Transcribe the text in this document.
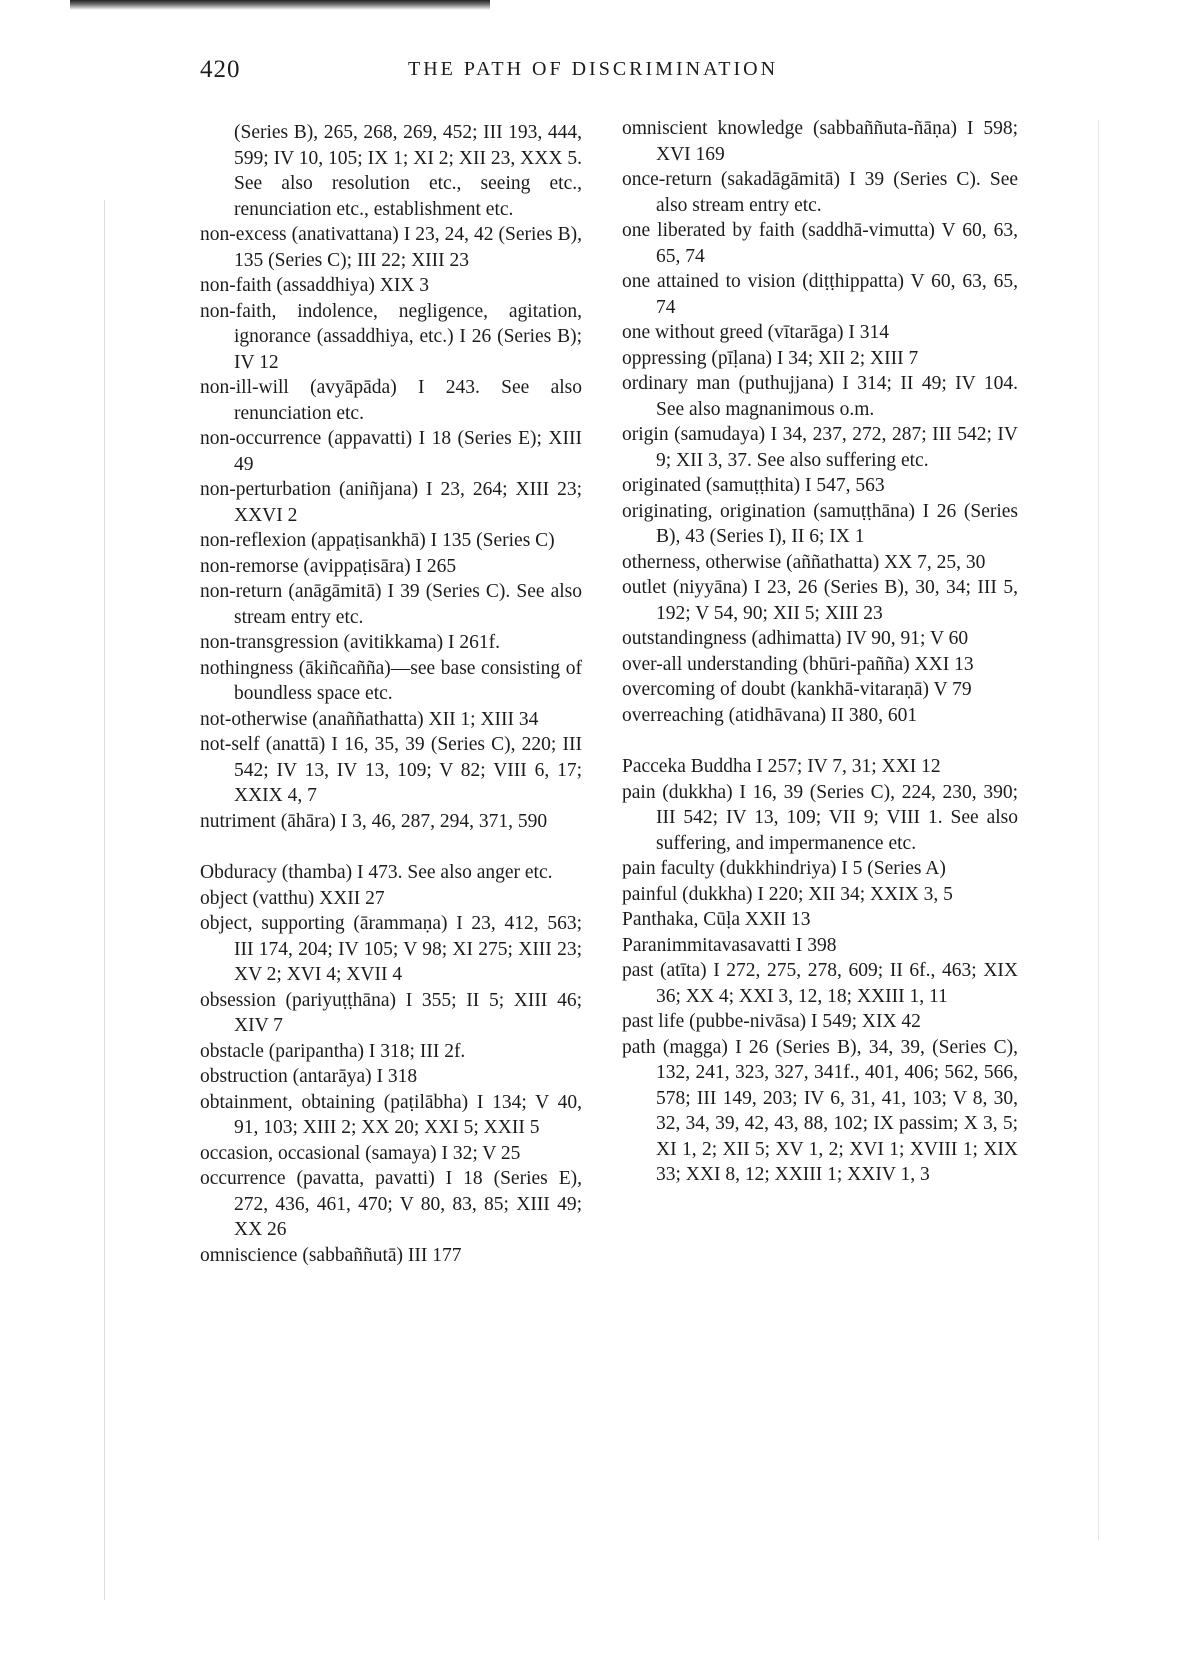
420	THE PATH OF DISCRIMINATION
(Series B), 265, 268, 269, 452; III 193, 444, 599; IV 10, 105; IX 1; XI 2; XII 23, XXX 5. See also resolution etc., seeing etc., renunciation etc., establishment etc.
non-excess (anativattana) I 23, 24, 42 (Series B), 135 (Series C); III 22; XIII 23
non-faith (assaddhiya) XIX 3
non-faith, indolence, negligence, agitation, ignorance (assaddhiya, etc.) I 26 (Series B); IV 12
non-ill-will (avyāpāda) I 243. See also renunciation etc.
non-occurrence (appavatti) I 18 (Series E); XIII 49
non-perturbation (aniñjana) I 23, 264; XIII 23; XXVI 2
non-reflexion (appaṭisankhā) I 135 (Series C)
non-remorse (avippaṭisāra) I 265
non-return (anāgāmitā) I 39 (Series C). See also stream entry etc.
non-transgression (avitikkama) I 261f.
nothingness (ākiñcañña)—see base consisting of boundless space etc.
not-otherwise (anaññathatta) XII 1; XIII 34
not-self (anattā) I 16, 35, 39 (Series C), 220; III 542; IV 13, IV 13, 109; V 82; VIII 6, 17; XXIX 4, 7
nutriment (āhāra) I 3, 46, 287, 294, 371, 590
Obduracy (thamba) I 473. See also anger etc.
object (vatthu) XXII 27
object, supporting (ārammaṇa) I 23, 412, 563; III 174, 204; IV 105; V 98; XI 275; XIII 23; XV 2; XVI 4; XVII 4
obsession (pariyuṭṭhāna) I 355; II 5; XIII 46; XIV 7
obstacle (paripantha) I 318; III 2f.
obstruction (antarāya) I 318
obtainment, obtaining (paṭilābha) I 134; V 40, 91, 103; XIII 2; XX 20; XXI 5; XXII 5
occasion, occasional (samaya) I 32; V 25
occurrence (pavatta, pavatti) I 18 (Series E), 272, 436, 461, 470; V 80, 83, 85; XIII 49; XX 26
omniscience (sabbaññutā) III 177
omniscient knowledge (sabbaññuta-ñāṇa) I 598; XVI 169
once-return (sakadāgāmitā) I 39 (Series C). See also stream entry etc.
one liberated by faith (saddhā-vimutta) V 60, 63, 65, 74
one attained to vision (diṭṭhippatta) V 60, 63, 65, 74
one without greed (vītarāga) I 314
oppressing (pīḷana) I 34; XII 2; XIII 7
ordinary man (puthujjana) I 314; II 49; IV 104. See also magnanimous o.m.
origin (samudaya) I 34, 237, 272, 287; III 542; IV 9; XII 3, 37. See also suffering etc.
originated (samuṭṭhita) I 547, 563
originating, origination (samuṭṭhāna) I 26 (Series B), 43 (Series I), II 6; IX 1
otherness, otherwise (aññathatta) XX 7, 25, 30
outlet (niyyāna) I 23, 26 (Series B), 30, 34; III 5, 192; V 54, 90; XII 5; XIII 23
outstandingness (adhimatta) IV 90, 91; V 60
over-all understanding (bhūri-pañña) XXI 13
overcoming of doubt (kankhā-vitaraṇā) V 79
overreaching (atidhāvana) II 380, 601
Pacceka Buddha I 257; IV 7, 31; XXI 12
pain (dukkha) I 16, 39 (Series C), 224, 230, 390; III 542; IV 13, 109; VII 9; VIII 1. See also suffering, and impermanence etc.
pain faculty (dukkhindriya) I 5 (Series A)
painful (dukkha) I 220; XII 34; XXIX 3, 5
Panthaka, Cūḷa XXII 13
Paranimmitavasavatti I 398
past (atīta) I 272, 275, 278, 609; II 6f., 463; XIX 36; XX 4; XXI 3, 12, 18; XXIII 1, 11
past life (pubbe-nivāsa) I 549; XIX 42
path (magga) I 26 (Series B), 34, 39, (Series C), 132, 241, 323, 327, 341f., 401, 406; 562, 566, 578; III 149, 203; IV 6, 31, 41, 103; V 8, 30, 32, 34, 39, 42, 43, 88, 102; IX passim; X 3, 5; XI 1, 2; XII 5; XV 1, 2; XVI 1; XVIII 1; XIX 33; XXI 8, 12; XXIII 1; XXIV 1, 3
